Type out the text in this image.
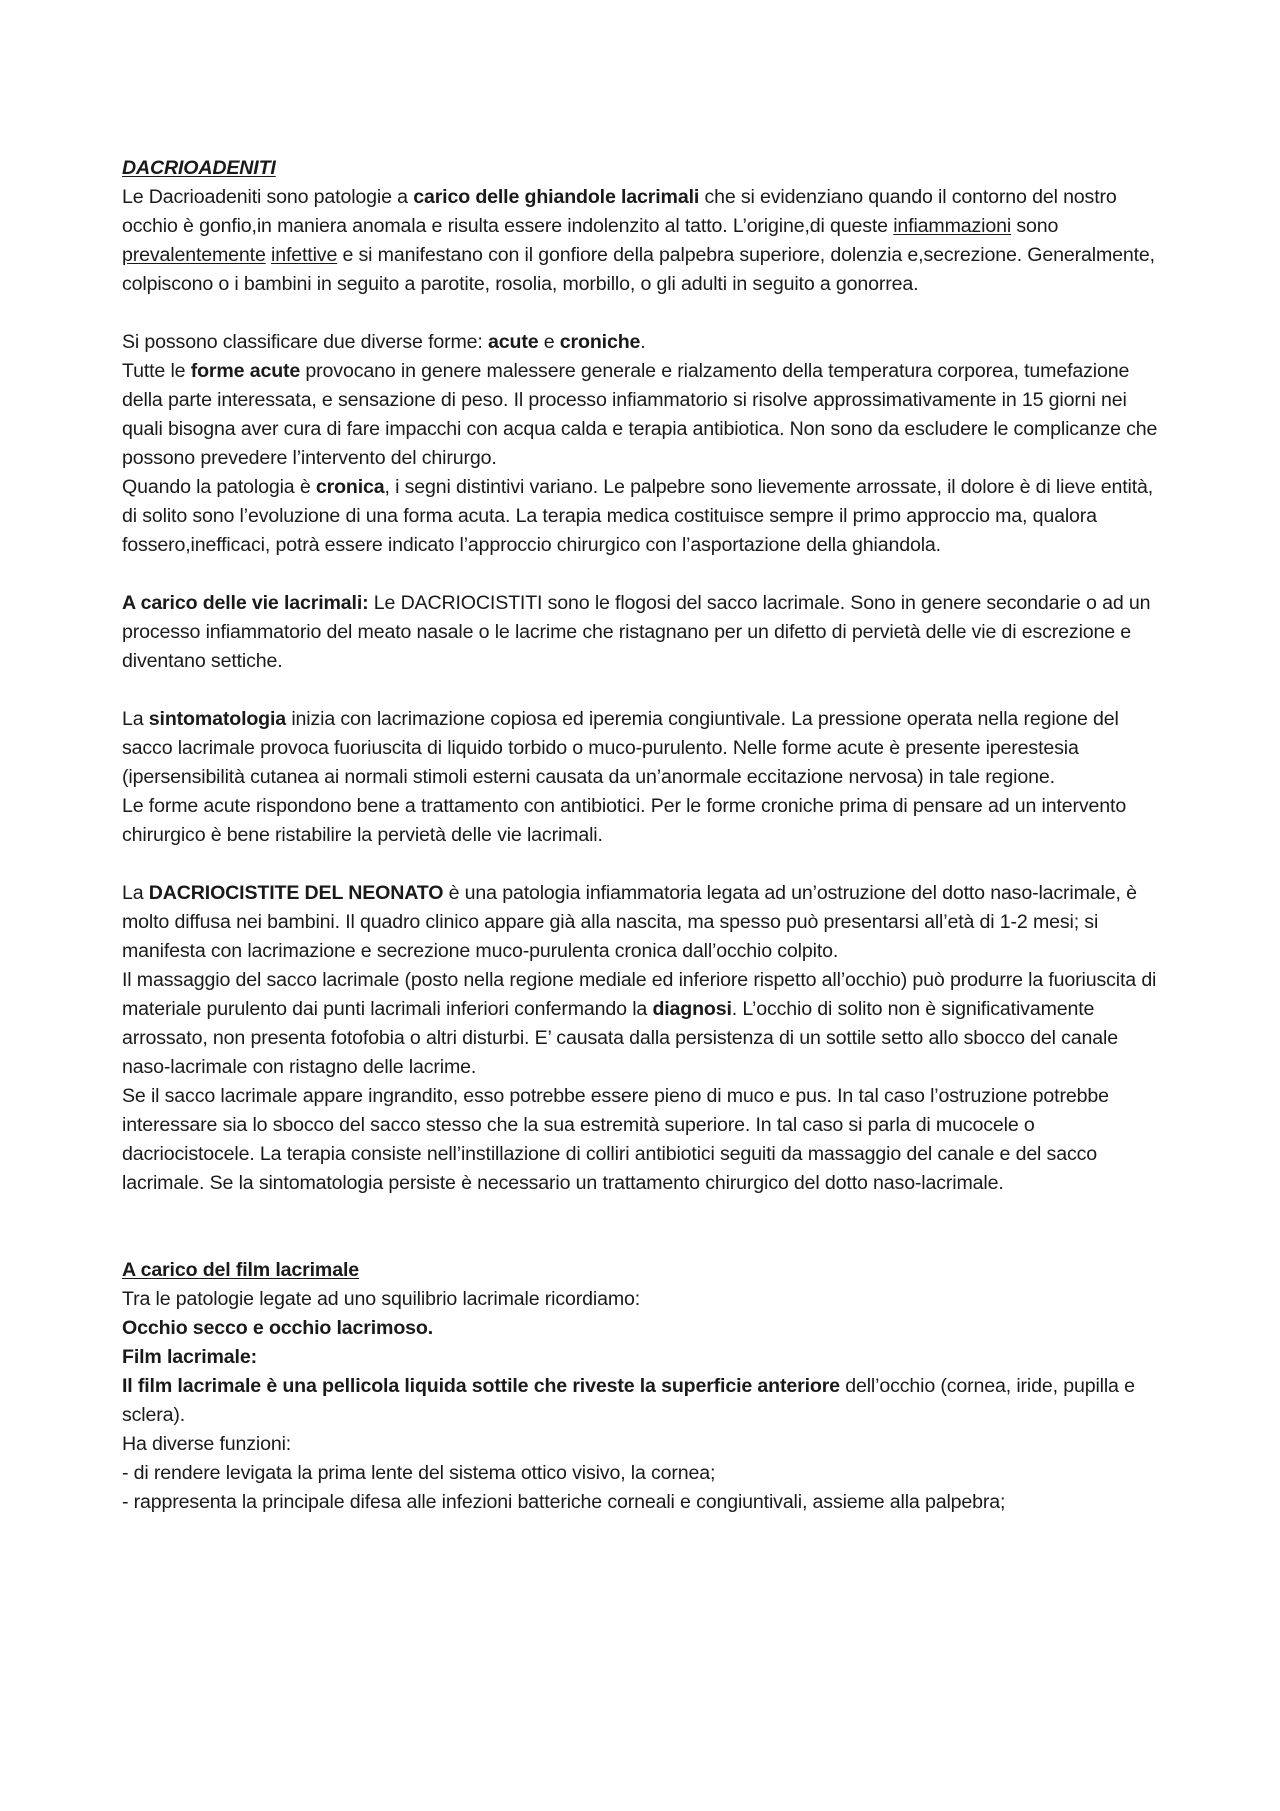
DACRIOADENITI

Le Dacrioadeniti sono patologie a carico delle ghiandole lacrimali che si evidenziano quando il contorno del nostro occhio è gonfio,in maniera anomala e risulta essere indolenzito al tatto. L’origine,di queste infiammazioni sono prevalentemente infettive e si manifestano con il gonfiore della palpebra superiore, dolenzia e,secrezione. Generalmente, colpiscono o i bambini in seguito a parotite, rosolia, morbillo, o gli adulti in seguito a gonorrea.

Si possono classificare due diverse forme: acute e croniche.

Tutte le forme acute provocano in genere malessere generale e rialzamento della temperatura corporea, tumefazione della parte interessata, e sensazione di peso. Il processo infiammatorio si risolve approssimativamente in 15 giorni nei quali bisogna aver cura di fare impacchi con acqua calda e terapia antibiotica. Non sono da escludere le complicanze che possono prevedere l’intervento del chirurgo.

Quando la patologia è cronica, i segni distintivi variano. Le palpebre sono lievemente arrossate, il dolore è di lieve entità, di solito sono l’evoluzione di una forma acuta. La terapia medica costituisce sempre il primo approccio ma, qualora fossero,inefficaci, potrà essere indicato l’approccio chirurgico con l’asportazione della ghiandola.

A carico delle vie lacrimali: Le DACRIOCISTITI sono le flogosi del sacco lacrimale. Sono in genere secondarie o ad un processo infiammatorio del meato nasale o le lacrime che ristagnano per un difetto di pervietà delle vie di escrezione e diventano settiche.

La sintomatologia inizia con lacrimazione copiosa ed iperemia congiuntivale. La pressione operata nella regione del sacco lacrimale provoca fuoriuscita di liquido torbido o muco-purulento. Nelle forme acute è presente iperestesia (ipersensibilità cutanea ai normali stimoli esterni causata da un’anormale eccitazione nervosa) in tale regione.

Le forme acute rispondono bene a trattamento con antibiotici. Per le forme croniche prima di pensare ad un intervento chirurgico è bene ristabilire la pervietà delle vie lacrimali.

La DACRIOCISTITE DEL NEONATO è una patologia infiammatoria legata ad un’ostruzione del dotto naso-lacrimale, è molto diffusa nei bambini. Il quadro clinico appare già alla nascita, ma spesso può presentarsi all’età di 1-2 mesi; si manifesta con lacrimazione e secrezione muco-purulenta cronica dall’occhio colpito.

Il massaggio del sacco lacrimale (posto nella regione mediale ed inferiore rispetto all’occhio) può produrre la fuoriuscita di materiale purulento dai punti lacrimali inferiori confermando la diagnosi. L’occhio di solito non è significativamente arrossato, non presenta fotofobia o altri disturbi. E’ causata dalla persistenza di un sottile setto allo sbocco del canale naso-lacrimale con ristagno delle lacrime.

Se il sacco lacrimale appare ingrandito, esso potrebbe essere pieno di muco e pus. In tal caso l’ostruzione potrebbe interessare sia lo sbocco del sacco stesso che la sua estremità superiore. In tal caso si parla di mucocele o dacriocistocele. La terapia consiste nell’instillazione di colliri antibiotici seguiti da massaggio del canale e del sacco lacrimale. Se la sintomatologia persiste è necessario un trattamento chirurgico del dotto naso-lacrimale.

A carico del film lacrimale

Tra le patologie legate ad uno squilibrio lacrimale ricordiamo:

Occhio secco e occhio lacrimoso.

Film lacrimale:

Il film lacrimale è una pellicola liquida sottile che riveste la superficie anteriore dell’occhio (cornea, iride, pupilla e sclera).

Ha diverse funzioni:

- di rendere levigata la prima lente del sistema ottico visivo, la cornea;

- rappresenta la principale difesa alle infezioni batteriche corneali e congiuntivali, assieme alla palpebra;
